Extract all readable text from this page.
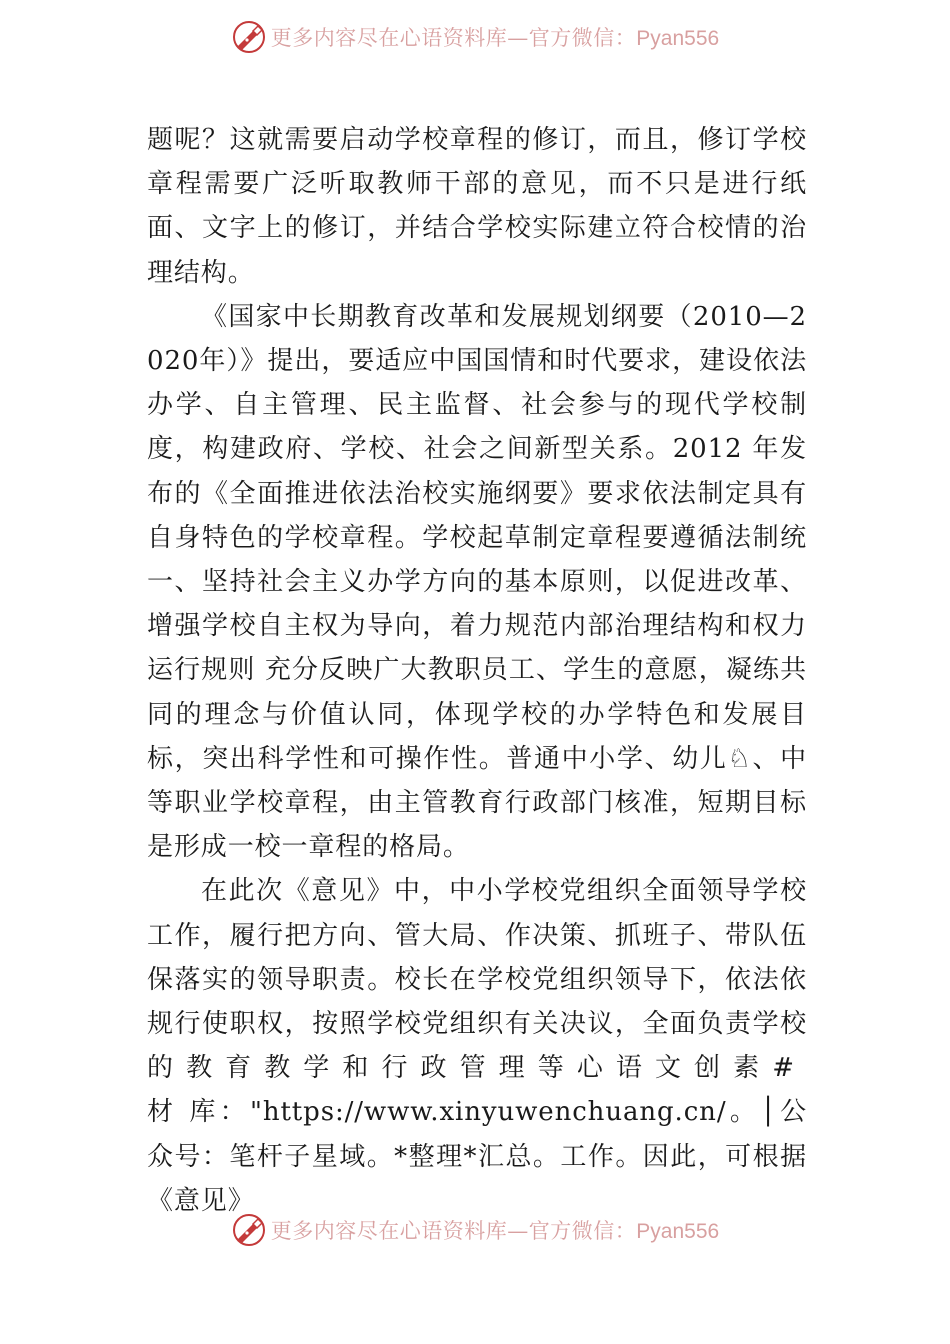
更多内容尽在心语资料库—官方微信：Pyan556

题呢？这就需要启动学校章程的修订，而且，修订学校章程需要广泛听取教师干部的意见，而不只是进行纸面、文字上的修订，并结合学校实际建立符合校情的治理结构。

《国家中长期教育改革和发展规划纲要（2010—2020年）》提出，要适应中国国情和时代要求，建设依法办学、自主管理、民主监督、社会参与的现代学校制度，构建政府、学校、社会之间新型关系。2012 年发布的《全面推进依法治校实施纲要》要求依法制定具有自身特色的学校章程。学校起草制定章程要遵循法制统一、坚持社会主义办学方向的基本原则，以促进改革、增强学校自主权为导向，着力规范内部治理结构和权力运行规则 充分反映广大教职员工、学生的意愿，凝练共同的理念与价值认同，体现学校的办学特色和发展目标，突出科学性和可操作性。普通中小学、幼儿♘、中等职业学校章程，由主管教育行政部门核准，短期目标是形成一校一章程的格局。

在此次《意见》中，中小学校党组织全面领导学校工作，履行把方向、管大局、作决策、抓班子、带队伍保落实的领导职责。校长在学校党组织领导下，依法依规行使职权，按照学校党组织有关决议，全面负责学校的教育教学和行政管理等心语文创素#材库："https://www.xinyuwenchuang.cn/。│公众号：笔杆子星域。*整理*汇总。工作。因此，可根据《意见》

更多内容尽在心语资料库—官方微信：Pyan556
